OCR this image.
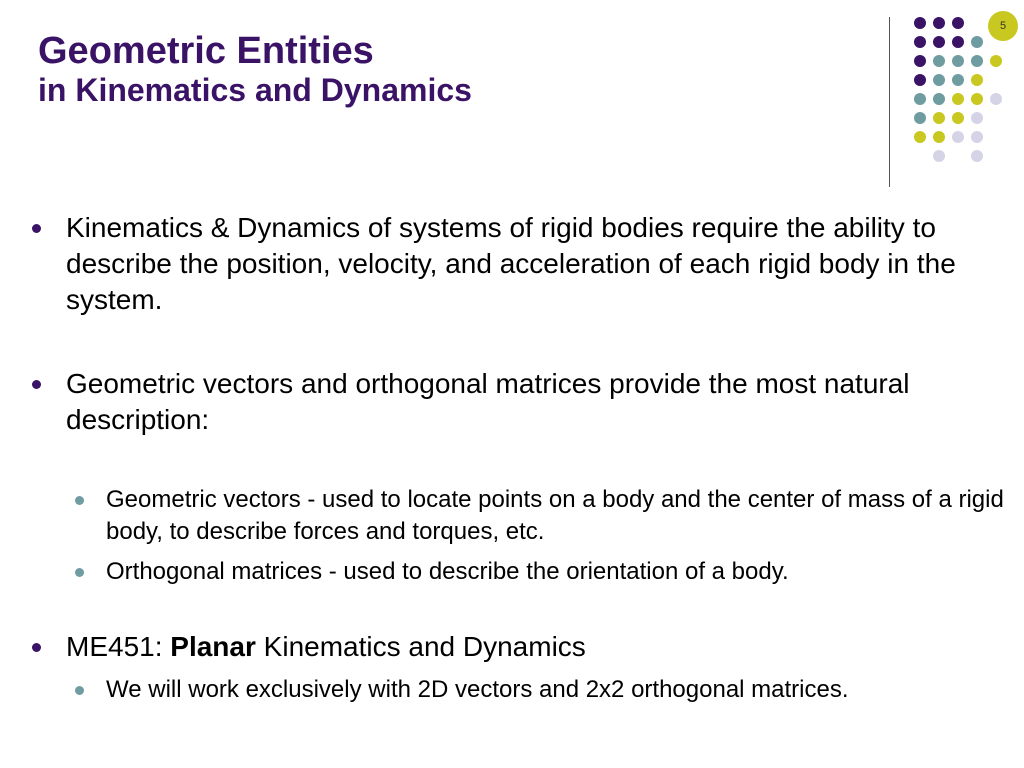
Geometric Entities
in Kinematics and Dynamics
5
Kinematics & Dynamics of systems of rigid bodies require the ability to describe the position, velocity, and acceleration of each rigid body in the system.
Geometric vectors and orthogonal matrices provide the most natural description:
Geometric vectors - used to locate points on a body and the center of mass of a rigid body, to describe forces and torques, etc.
Orthogonal matrices - used to describe the orientation of a body.
ME451: Planar Kinematics and Dynamics
We will work exclusively with 2D vectors and 2x2 orthogonal matrices.
